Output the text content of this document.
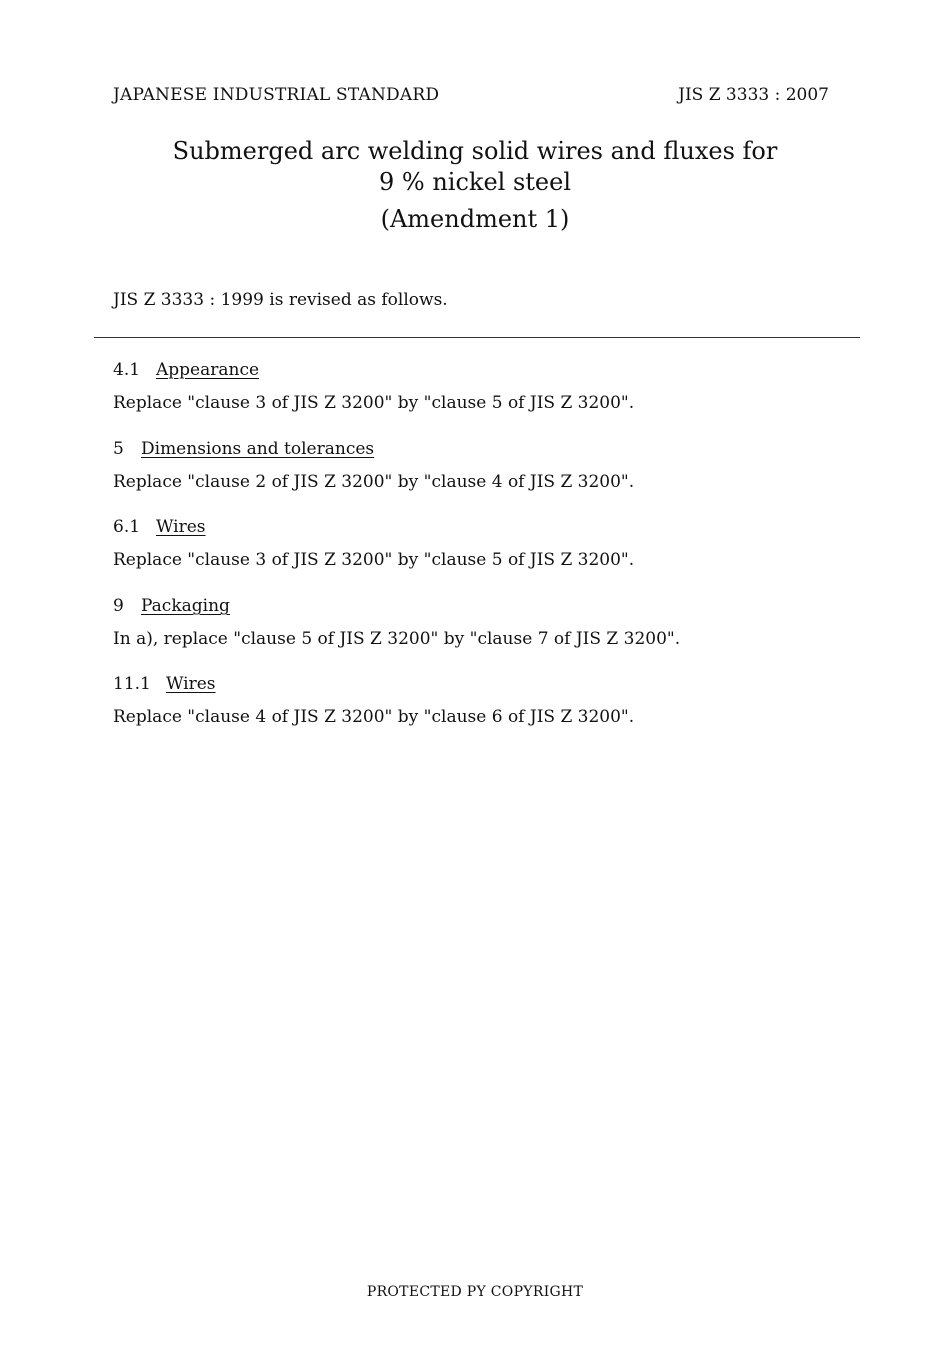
JAPANESE INDUSTRIAL STANDARD	JIS Z 3333 : 2007
Submerged arc welding solid wires and fluxes for
9 % nickel steel
(Amendment 1)
JIS Z 3333 : 1999 is revised as follows.
4.1 Appearance
Replace "clause 3 of JIS Z 3200" by "clause 5 of JIS Z 3200".
5 Dimensions and tolerances
Replace "clause 2 of JIS Z 3200" by "clause 4 of JIS Z 3200".
6.1 Wires
Replace "clause 3 of JIS Z 3200" by "clause 5 of JIS Z 3200".
9 Packaging
In a), replace "clause 5 of JIS Z 3200" by "clause 7 of JIS Z 3200".
11.1 Wires
Replace "clause 4 of JIS Z 3200" by "clause 6 of JIS Z 3200".
PROTECTED PY COPYRIGHT
